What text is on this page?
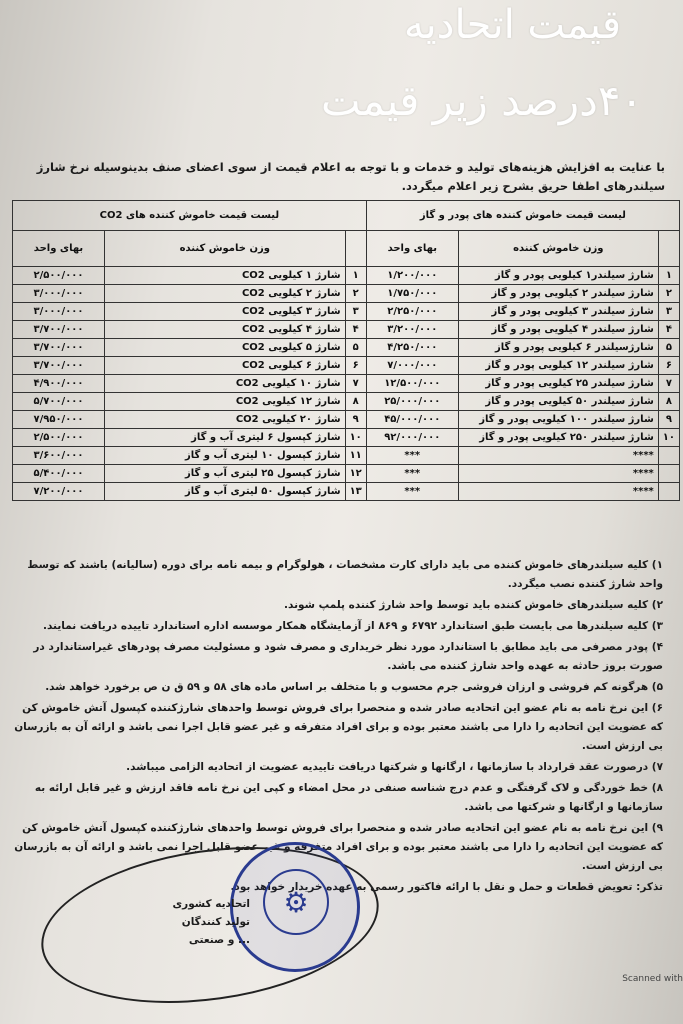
قیمت اتحادیه
۴۰درصد زیر قیمت
با عنایت به افزایش هزینه‌های تولید و خدمات و با توجه به اعلام قیمت از سوی اعضای صنف بدینوسیله نرخ شارژ سیلندرهای اطفا حریق بشرح زیر اعلام میگردد.
لیست قیمت خاموش کننده های پودر و گاز			لیست قیمت خاموش کننده های CO2		
	وزن خاموش کننده	بهای واحد		وزن خاموش کننده	بهای واحد
۱	شارژ سیلندر۱ کیلویی پودر و گاز	۱/۲۰۰/۰۰۰	۱	شارژ ۱ کیلویی CO2	۲/۵۰۰/۰۰۰
۲	شارژ سیلندر ۲ کیلویی پودر و گاز	۱/۷۵۰/۰۰۰	۲	شارژ ۲ کیلویی CO2	۳/۰۰۰/۰۰۰
۳	شارژ سیلندر ۳ کیلویی پودر و گاز	۲/۲۵۰/۰۰۰	۳	شارژ ۳ کیلویی CO2	۳/۰۰۰/۰۰۰
۴	شارژ سیلندر ۴ کیلویی پودر و گاز	۳/۲۰۰/۰۰۰	۴	شارژ ۴ کیلویی CO2	۳/۷۰۰/۰۰۰
۵	شارژسیلندر ۶ کیلویی پودر و گاز	۴/۲۵۰/۰۰۰	۵	شارژ ۵ کیلویی CO2	۳/۷۰۰/۰۰۰
۶	شارژ سیلندر ۱۲ کیلویی پودر و گاز	۷/۰۰۰/۰۰۰	۶	شارژ ۶ کیلویی CO2	۳/۷۰۰/۰۰۰
۷	شارژ سیلندر ۲۵ کیلویی پودر و گاز	۱۲/۵۰۰/۰۰۰	۷	شارژ ۱۰ کیلویی CO2	۴/۹۰۰/۰۰۰
۸	شارژ سیلندر ۵۰ کیلویی پودر و گاز	۲۵/۰۰۰/۰۰۰	۸	شارژ ۱۲ کیلویی CO2	۵/۷۰۰/۰۰۰
۹	شارژ سیلندر ۱۰۰ کیلویی پودر و گاز	۴۵/۰۰۰/۰۰۰	۹	شارژ ۲۰ کیلویی CO2	۷/۹۵۰/۰۰۰
۱۰	شارژ سیلندر ۲۵۰ کیلویی پودر و گاز	۹۲/۰۰۰/۰۰۰	۱۰	شارژ کپسول ۶ لیتری آب و گاز	۲/۵۰۰/۰۰۰
	****	***	۱۱	شارژ کپسول ۱۰ لیتری آب و گاز	۳/۶۰۰/۰۰۰
	****	***	۱۲	شارژ کپسول ۲۵ لیتری آب و گاز	۵/۴۰۰/۰۰۰
	****	***	۱۳	شارژ کپسول ۵۰ لیتری آب و گاز	۷/۲۰۰/۰۰۰

۱) کلیه سیلندرهای خاموش کننده می باید دارای کارت مشخصات ، هولوگرام و بیمه نامه برای دوره (سالیانه) باشند که توسط واحد شارژ کننده نصب میگردد.

۲) کلیه سیلندرهای خاموش کننده باید توسط واحد شارژ کننده پلمپ شوند.

۳) کلیه سیلندرها می بایست طبق استاندارد ۶۷۹۲ و ۸۶۹ از آزمایشگاه همکار موسسه اداره استاندارد تاییده دریافت نمایند.

۴) پودر مصرفی می باید مطابق با استاندارد مورد نظر خریداری و مصرف شود و مسئولیت مصرف پودرهای غیراستاندارد در صورت بروز حادثه به عهده واحد شارژ کننده می باشد.

۵) هرگونه کم فروشی و ارزان فروشی جرم محسوب و با متخلف بر اساس ماده های ۵۸ و ۵۹ ق ن ص برخورد خواهد شد.

۶) این نرخ نامه به نام عضو این اتحادیه صادر شده و منحصرا برای فروش توسط واحدهای شارژکننده کپسول آتش خاموش کن که عضویت این اتحادیه را دارا می باشند معتبر بوده و برای افراد متفرقه و غیر عضو قابل اجرا نمی باشد و ارائه آن به بازرسان بی ارزش است.

۷) درصورت عقد قرارداد با سازمانها ، ارگانها و شرکتها دریافت تاییدیه عضویت از اتحادیه الزامی میباشد.

۸) خط خوردگی و لاک گرفتگی و عدم درج شناسه صنفی در محل امضاء و کپی این نرخ نامه فاقد ارزش و غیر قابل ارائه به سازمانها و ارگانها و شرکتها می باشد.

۹) این نرخ نامه به نام عضو این اتحادیه صادر شده و منحصرا برای فروش توسط واحدهای شارژکننده کپسول آتش خاموش کن که عضویت این اتحادیه را دارا می باشند معتبر بوده و برای افراد متفرقه و غیر عضو قابل اجرا نمی باشد و ارائه آن به بازرسان بی ارزش است.

تذکر: تعویض قطعات و حمل و نقل با ارائه فاکتور رسمی به عهده خریدار خواهد بود.

⚙
اتحادیه کشوری
تولید کنندگان
... و صنعتی
Scanned with
